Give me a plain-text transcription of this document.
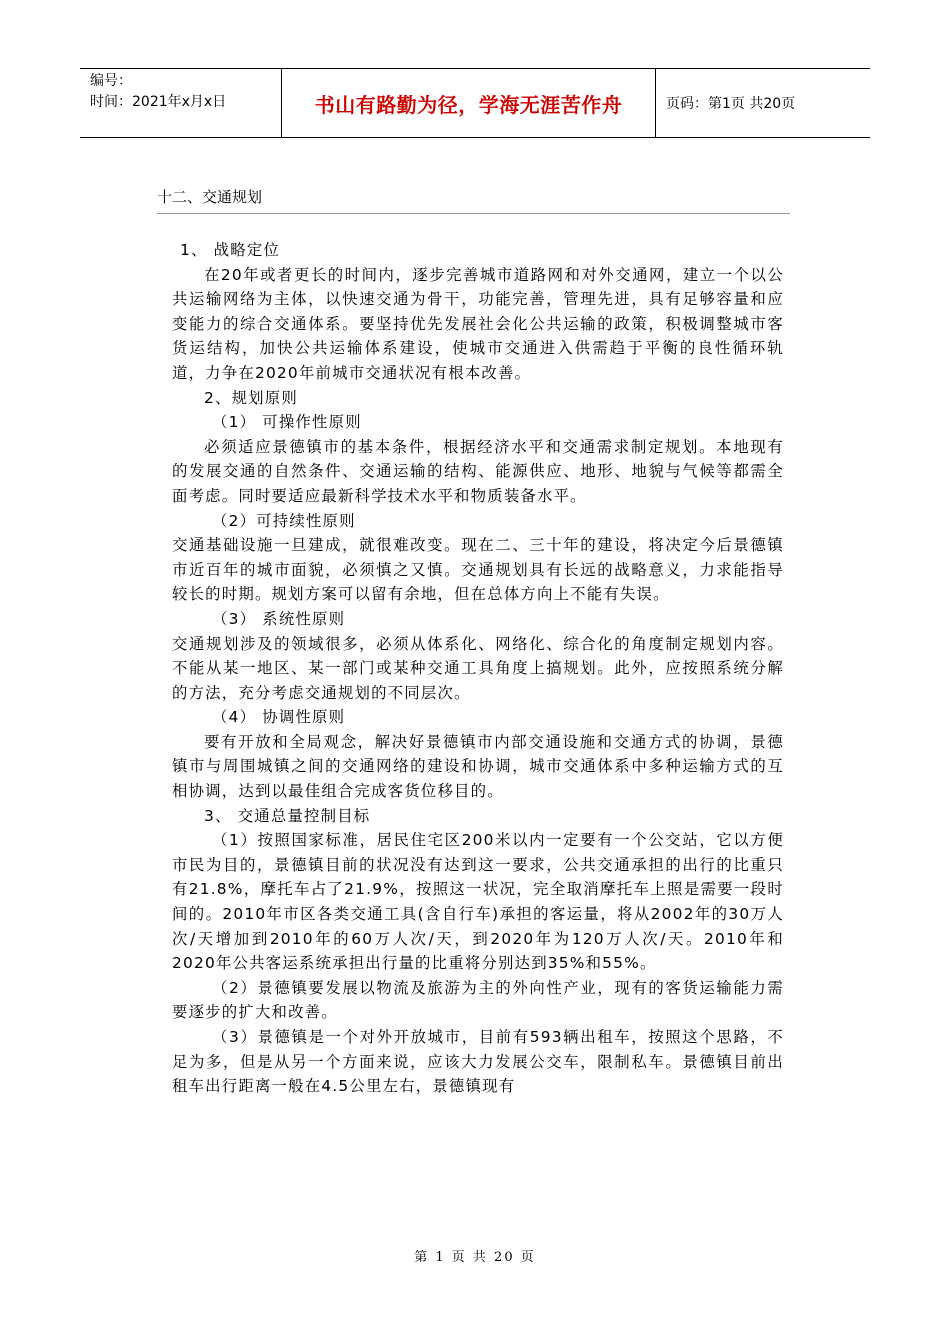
编号：
时间：2021年x月x日	书山有路勤为径，学海无涯苦作舟	页码：第1页 共20页
十二、交通规划

1、 战略定位

在20年或者更长的时间内，逐步完善城市道路网和对外交通网，建立一个以公共运输网络为主体，以快速交通为骨干，功能完善，管理先进，具有足够容量和应变能力的综合交通体系。要坚持优先发展社会化公共运输的政策，积极调整城市客货运结构，加快公共运输体系建设，使城市交通进入供需趋于平衡的良性循环轨道，力争在2020年前城市交通状况有根本改善。

2、规划原则

（1） 可操作性原则

必须适应景德镇市的基本条件，根据经济水平和交通需求制定规划。本地现有的发展交通的自然条件、交通运输的结构、能源供应、地形、地貌与气候等都需全面考虑。同时要适应最新科学技术水平和物质装备水平。

（2）可持续性原则

交通基础设施一旦建成，就很难改变。现在二、三十年的建设，将决定今后景德镇市近百年的城市面貌，必须慎之又慎。交通规划具有长远的战略意义，力求能指导较长的时期。规划方案可以留有余地，但在总体方向上不能有失误。

（3） 系统性原则

交通规划涉及的领域很多，必须从体系化、网络化、综合化的角度制定规划内容。不能从某一地区、某一部门或某种交通工具角度上搞规划。此外，应按照系统分解的方法，充分考虑交通规划的不同层次。

（4） 协调性原则

要有开放和全局观念，解决好景德镇市内部交通设施和交通方式的协调，景德镇市与周围城镇之间的交通网络的建设和协调，城市交通体系中多种运输方式的互相协调，达到以最佳组合完成客货位移目的。

3、 交通总量控制目标

（1）按照国家标准，居民住宅区200米以内一定要有一个公交站，它以方便市民为目的，景德镇目前的状况没有达到这一要求，公共交通承担的出行的比重只有21.8%，摩托车占了21.9%，按照这一状况，完全取消摩托车上照是需要一段时间的。2010年市区各类交通工具(含自行车)承担的客运量，将从2002年的30万人次/天增加到2010年的60万人次/天，到2020年为120万人次/天。2010年和2020年公共客运系统承担出行量的比重将分别达到35%和55%。

（2）景德镇要发展以物流及旅游为主的外向性产业，现有的客货运输能力需要逐步的扩大和改善。

（3）景德镇是一个对外开放城市，目前有593辆出租车，按照这个思路，不足为多，但是从另一个方面来说，应该大力发展公交车，限制私车。景德镇目前出租车出行距离一般在4.5公里左右，景德镇现有

第 1 页 共 20 页
